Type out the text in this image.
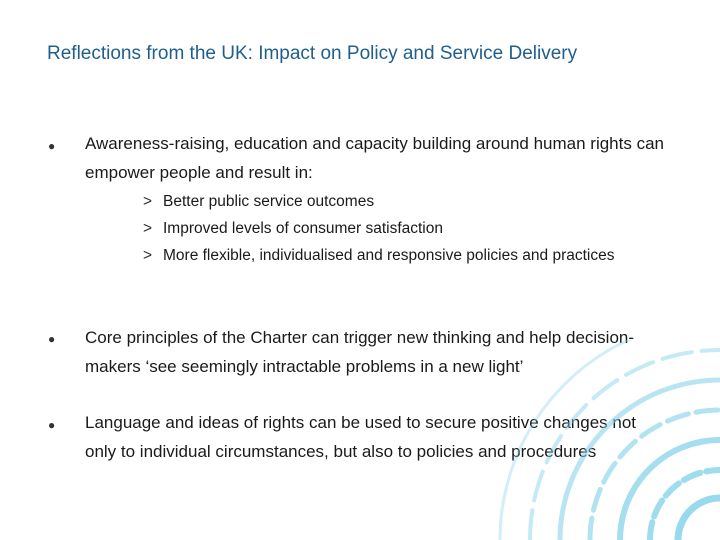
Reflections from the UK: Impact on Policy and Service Delivery
● Awareness-raising, education and capacity building around human rights can empower people and result in:
> Better public service outcomes
> Improved levels of consumer satisfaction
> More flexible, individualised and responsive policies and practices
● Core principles of the Charter can trigger new thinking and help decision-makers ‘see seemingly intractable problems in a new light’
● Language and ideas of rights can be used to secure positive changes not only to individual circumstances, but also to policies and procedures
